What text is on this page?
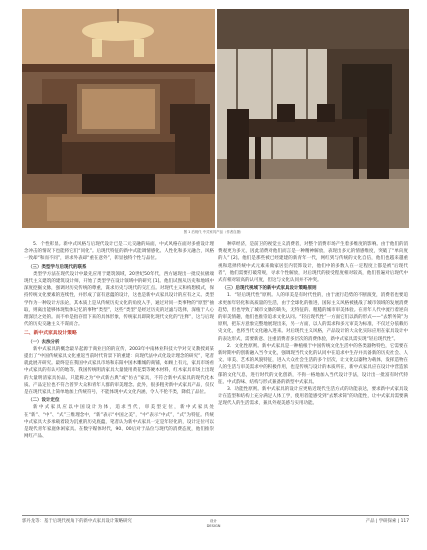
图 1 后现代 中式家具产品（作者自摄）

5．个性彰显。新中式风格与后现代设计已是二元交融的局面，中式风格在面对多重设计理念冲击的情况下也能将它们“同化”。后现代特征的新中式能调情感化、人性化和多元融合，风格一致却“和而不同”，讲求外表却“重在意外”，彰显独特个性与品位。

（三）类型学与后现代的联系

类型学方法在现代设计中最先应用于建筑领域，20世纪50年代，西方通现出一批反抗极端现代主义建筑的建筑设计师，开始了类型学在设计领域中的研究 [1]。他们试图从历史和地域中深度挖掘文脉，强调对历史传统的尊重，谋求历史与现代的交汇点。对现代主义和构想模式，保持传统文化要素的连续性，并形成了富有意蕴的设计，这也是新中式家具设计的应有之义。类型学作为一种设计方法论，其本质上是从传统历史文化的角度入手，通过对同一类事物的“原型”抽取，则离出能够体现集体记忆的事物“类型”，这些“类型”是经过历史的过滤与选择，深植于人心理深层之处的。而不单是指存留下来的具体形象，传统家具即简化现代文化的“注释”，这与后现代的历史交融主义不谋而合。

二、新中式家具设计策略
（一）去浊分析

新中式家具的概念最早起源于商业目的的宣传，2003年中南林业科技大学对交叉教授刘某提出了“中国传统家具文化重返当前时代背景下的重建：向现代法中式化设计理念的研究”，笔者就此展开研究。最终是在我国中式家具市场和东阳中国木雕城的商铺，如顾上有元，家具市场看中式家具的有认可的地等，我国传统明清家具大量使用黄花梨等硬木材料，红木家具市场上出现的大量明清家具仿品。只能称之为“中式新古典”或“仿古”家具，不符合新中式家具的现代化本质。产品定位也不符合普罗大众和青年人群的审美理念。此外，很多粗劣新中式家具产品，仅仅是在现代家具上简单地加上传统符号，不能体现中式文化内涵，令人不伦不类，降低了品位。

（二）设计定位

新中式家具应以中国设计为体，追求当代，审美型定位，新中式家具处在“新”、“中”、“式”三维理念中，“新”表示“中国之美”，“中”表示“中式”，“式”为特征。传统中式家具大多承载着较为沉重的历史底蕴，笔者认为新中式家具一定是年轻化的，设计定位可以是现代青年家庭休闲家具。在数字媒体时代，90、00后对于品位与现代的消费态度，他们推崇网红产品、

种草经济，是前卫的视觉主义消费者，对整个消费市场产生着多维度的影响。由于他们的消费观更为多元，因此消费对他们而言是一种精神解放，表现出多元的情感维度，突破了“单向度的人” [2]。他们是那些被已经建建的新青年一代，网红到与传统的文化自信，他们也越来越重视和选择传统中式元素来做家居室内装饰设计，他们中的多数人在一定程度上都是被“后现代者”，他们需要打破常规，寻求个性解放，对后现代的接受程度相对较高，他们普遍对后现代中式有相对较高的认可度，但这与文化认同并不冲突。

（三）后现代视域下的新中式家具设计策略原则

1．“轻后现代性”原则。人的审美是有时代性的，由于流行趋势的不断演变，消费者也要追求更加年轻化和高质量的生活，由于全球化的推进，国际主义风格被挑战了城市领域的发展消费趋势，但也导致了城市文脉的缺失，无特征的、粗糙的城市审美体验。在青年人代中流行着逆向的审美情趣，他们也推崇追求文化认同。“轻后现代性”一方面它们以新的形式——“去繁务简”为原则，把东方意象完整地展现出来，另一方面，以人的需求和多元审美为标准，不仅过分依赖历史文化，也将当代文化融入进来。对后现代主义风格，产品设计的大众化实际应用在家具设计中的表达形式，需要新意、注重消费者多层次的消费体验，新中式家具需实现“轻后现代性”。

2．文化性原则。新中式家具是一种植根于中国传统文化生活中的各类器物特色，它需要在新时期中的创新融入当今文化，强调现当代文化的认同中在追求中生存并具备新的历史社会、人文、审美、艺术的风貌特征，进入大众社会生活的多个层次，让文化以器物为载体，发挥造物在人的生活与审美需求中的积极作用，也是传统与设计的本质所在，新中式家具应在设计中营造浓郁的文化气息，进行时代的文化创新，不拘一格地加入当代设计手法，设计出一批富有时代特征、中式韵味、结构与形式兼备的新型中式家具。

3．功能性原则。新中式家具的设计应更贴近现代生活方式的功能表达，要求新中式家具设计在造型和结构上充分满足人体工学，使用者能感受到“去繁求简”的功能性，让中式家具需要满足现代人的生活需求，兼具外观美感与实用功能。

郭丹龙等：基于后现代视角下的新中式家具设计策略研究	设计
DESIGN
产品 | 学研探索 | 117
